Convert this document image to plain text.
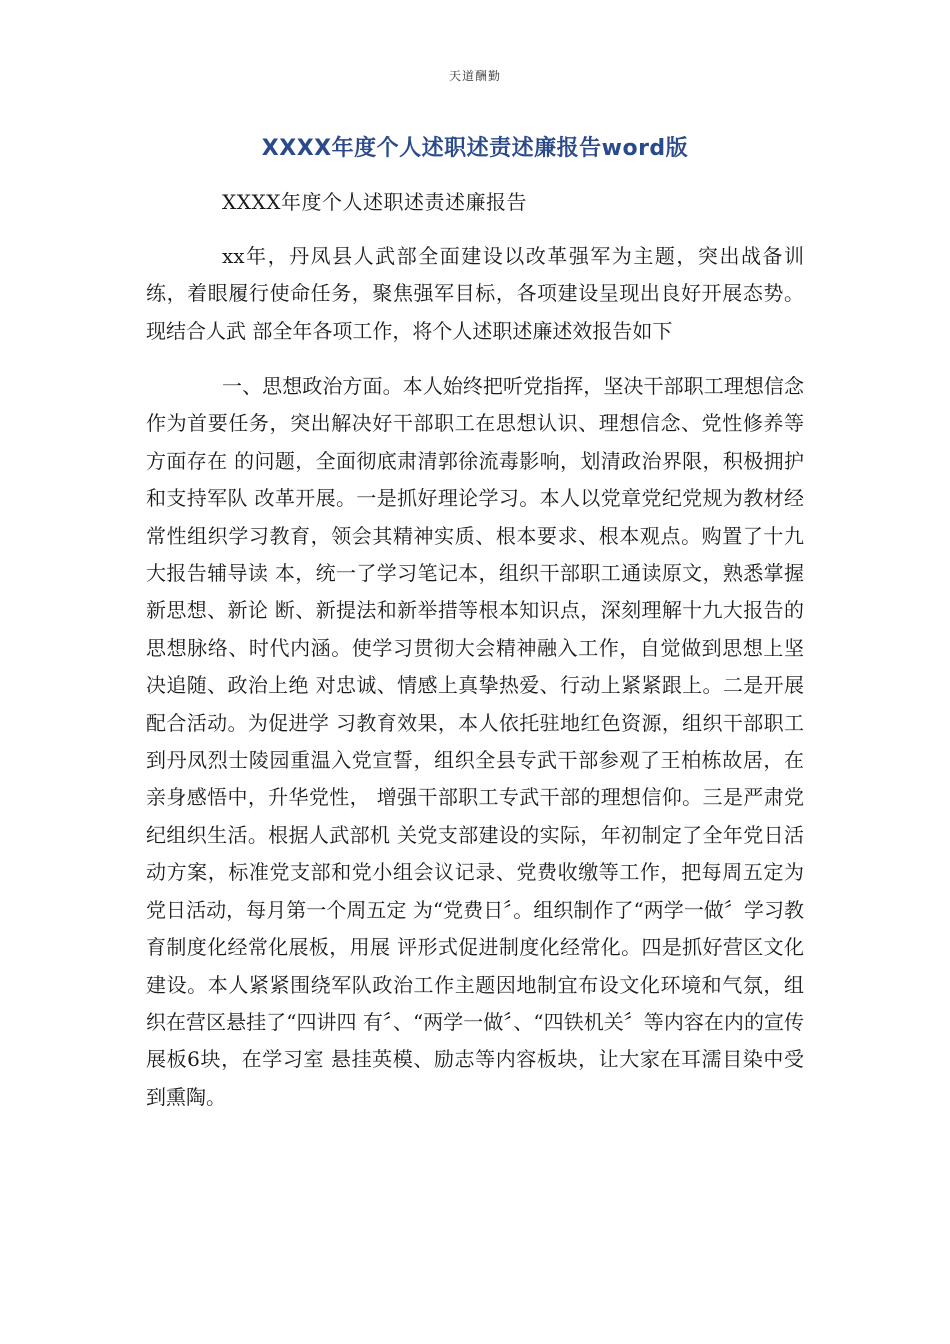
天道酬勤
XXXX年度个人述职述责述廉报告word版
XXXX年度个人述职述责述廉报告

xx年，丹凤县人武部全面建设以改革强军为主题，突出战备训练，着眼履行使命任务，聚焦强军目标，各项建设呈现出良好开展态势。现结合人武 部全年各项工作，将个人述职述廉述效报告如下

一、思想政治方面。本人始终把听党指挥，坚决干部职工理想信念作为首要任务，突出解决好干部职工在思想认识、理想信念、党性修养等方面存在 的问题，全面彻底肃清郭徐流毒影响，划清政治界限，积极拥护和支持军队 改革开展。一是抓好理论学习。本人以党章党纪党规为教材经常性组织学习教育，领会其精神实质、根本要求、根本观点。购置了十九大报告辅导读 本，统一了学习笔记本，组织干部职工通读原文，熟悉掌握新思想、新论 断、新提法和新举措等根本知识点，深刻理解十九大报告的思想脉络、时代内涵。使学习贯彻大会精神融入工作，自觉做到思想上坚决追随、政治上绝 对忠诚、情感上真挚热爱、行动上紧紧跟上。二是开展配合活动。为促进学 习教育效果，本人依托驻地红色资源，组织干部职工到丹凤烈士陵园重温入党宣誓，组织全县专武干部参观了王柏栋故居，在亲身感悟中，升华党性， 增强干部职工专武干部的理想信仰。三是严肃党纪组织生活。根据人武部机 关党支部建设的实际，年初制定了全年党日活动方案，标准党支部和党小组会议记录、党费收缴等工作，把每周五定为党日活动，每月第一个周五定 为“党费日〞。组织制作了“两学一做〞学习教育制度化经常化展板，用展 评形式促进制度化经常化。四是抓好营区文化建设。本人紧紧围绕军队政治工作主题因地制宜布设文化环境和气氛，组织在营区悬挂了“四讲四 有〞、“两学一做〞、“四铁机关〞等内容在内的宣传展板6块，在学习室 悬挂英模、励志等内容板块，让大家在耳濡目染中受到熏陶。
